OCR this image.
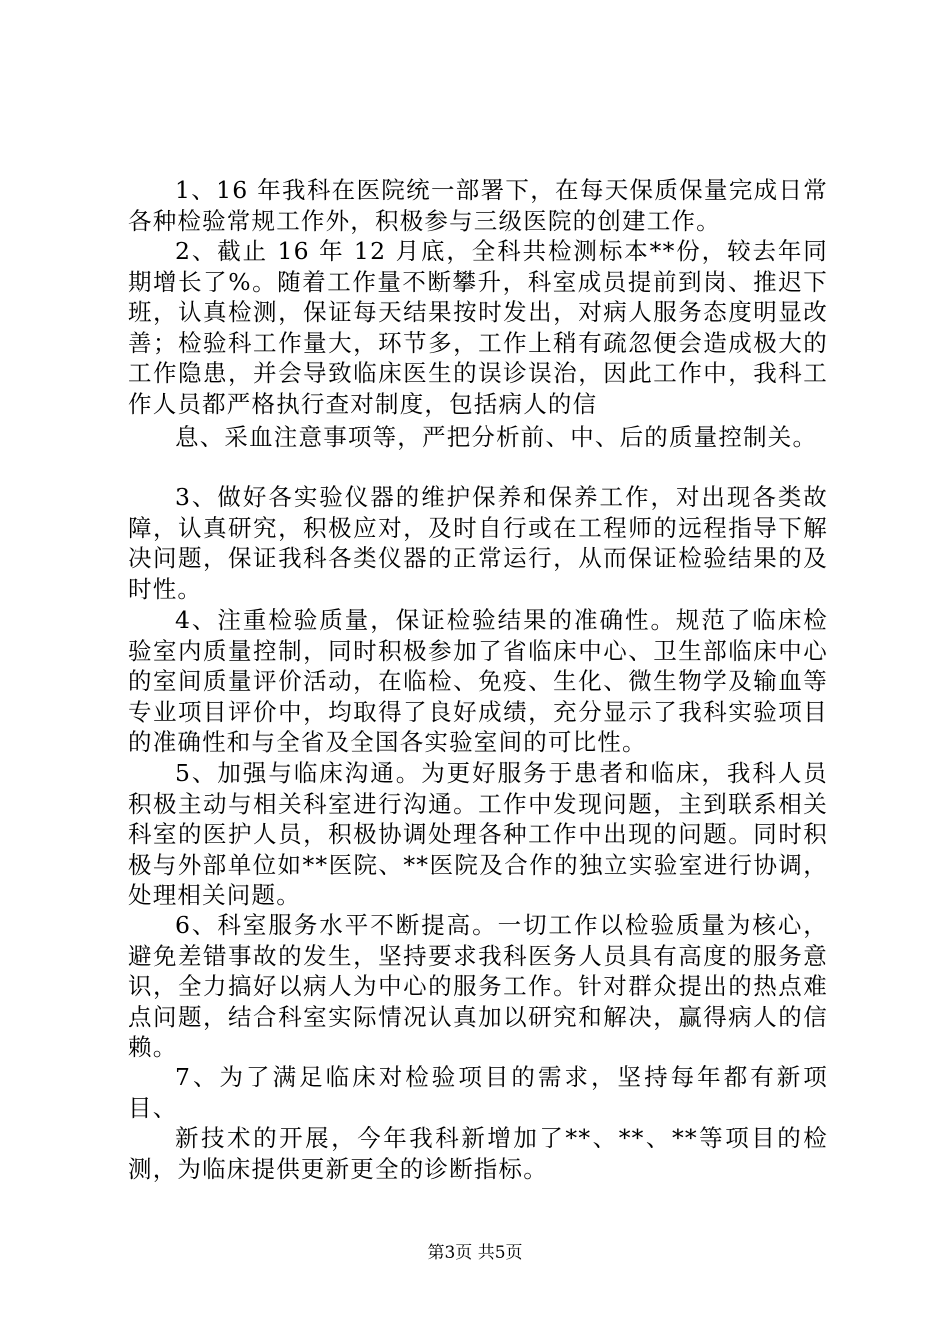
1、16 年我科在医院统一部署下，在每天保质保量完成日常各种检验常规工作外，积极参与三级医院的创建工作。

2、截止 16 年 12 月底，全科共检测标本**份，较去年同期增长了%。随着工作量不断攀升，科室成员提前到岗、推迟下班，认真检测，保证每天结果按时发出，对病人服务态度明显改善；检验科工作量大，环节多，工作上稍有疏忽便会造成极大的工作隐患，并会导致临床医生的误诊误治，因此工作中，我科工作人员都严格执行查对制度，包括病人的信

息、采血注意事项等，严把分析前、中、后的质量控制关。

3、做好各实验仪器的维护保养和保养工作，对出现各类故障，认真研究，积极应对，及时自行或在工程师的远程指导下解决问题，保证我科各类仪器的正常运行，从而保证检验结果的及时性。

4、注重检验质量，保证检验结果的准确性。规范了临床检验室内质量控制，同时积极参加了省临床中心、卫生部临床中心的室间质量评价活动，在临检、免疫、生化、微生物学及输血等专业项目评价中，均取得了良好成绩，充分显示了我科实验项目的准确性和与全省及全国各实验室间的可比性。

5、加强与临床沟通。为更好服务于患者和临床，我科人员积极主动与相关科室进行沟通。工作中发现问题，主到联系相关科室的医护人员，积极协调处理各种工作中出现的问题。同时积极与外部单位如**医院、**医院及合作的独立实验室进行协调，处理相关问题。

6、科室服务水平不断提高。一切工作以检验质量为核心，避免差错事故的发生，坚持要求我科医务人员具有高度的服务意识，全力搞好以病人为中心的服务工作。针对群众提出的热点难点问题，结合科室实际情况认真加以研究和解决，赢得病人的信赖。

7、为了满足临床对检验项目的需求，坚持每年都有新项目、

新技术的开展，今年我科新增加了**、**、**等项目的检测，为临床提供更新更全的诊断指标。

第3页 共5页
